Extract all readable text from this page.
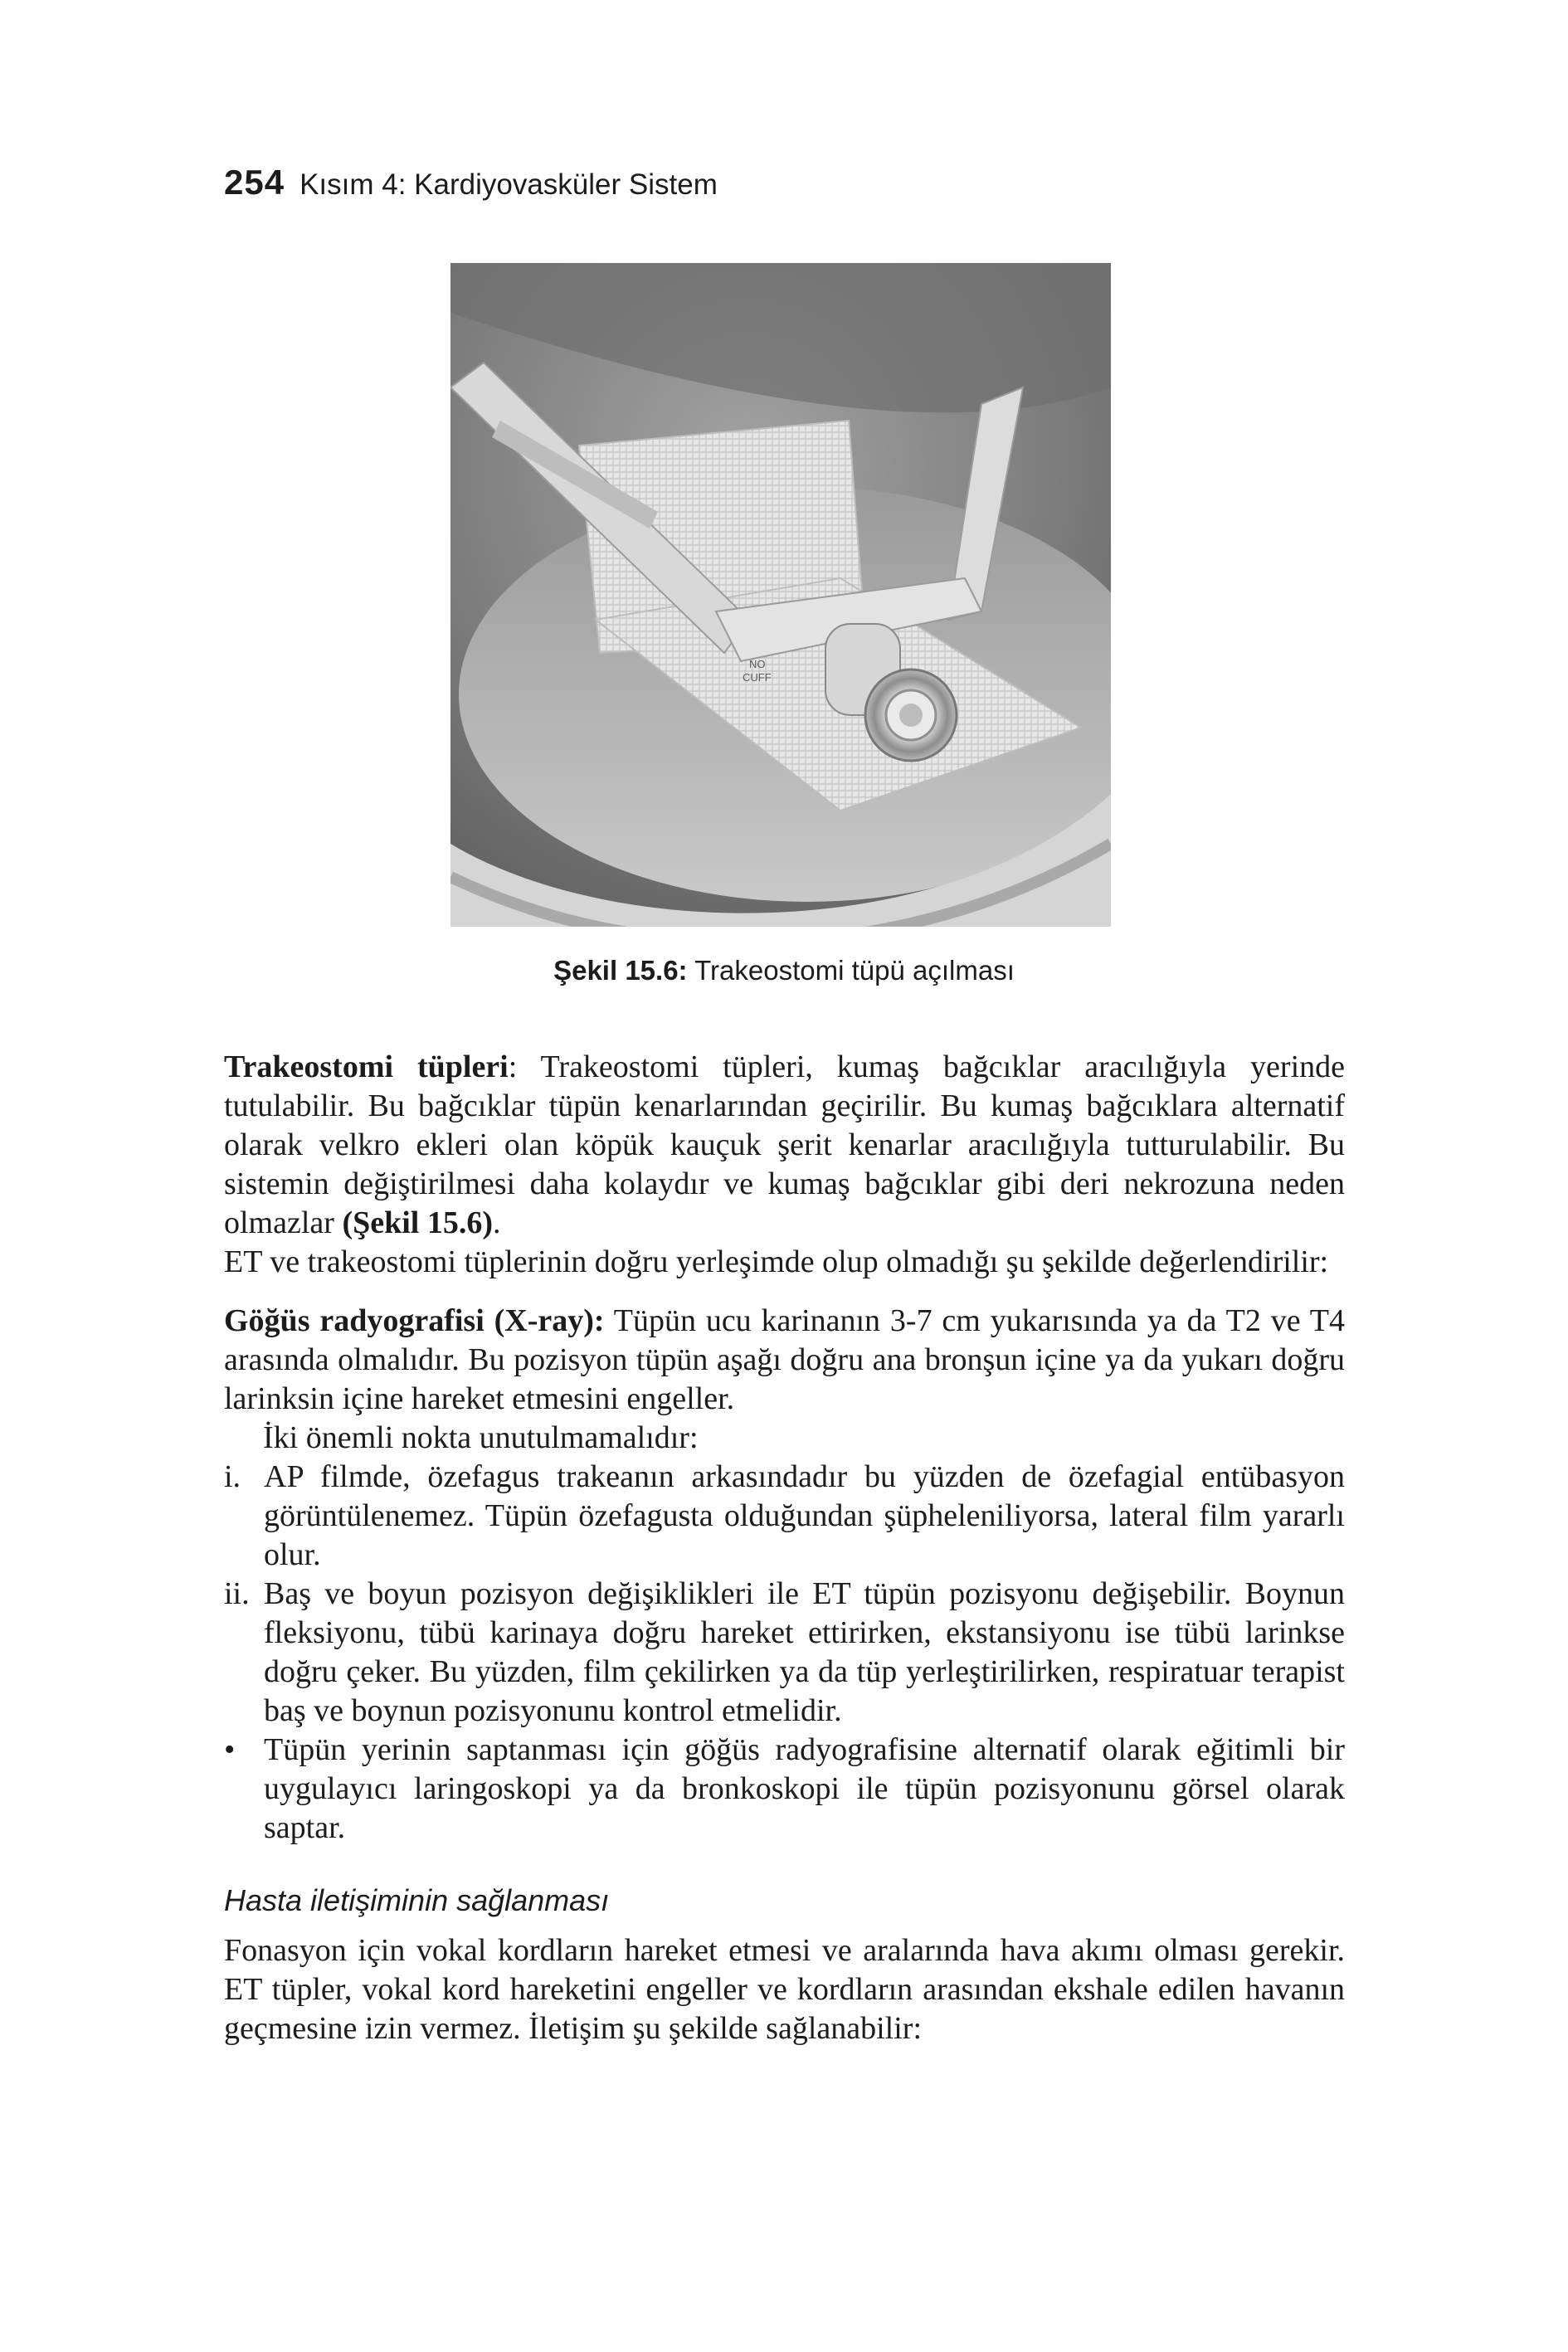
254 Kısım 4: Kardiyovasküler Sistem
NO
CUFF
Şekil 15.6: Trakeostomi tüpü açılması

Trakeostomi tüpleri: Trakeostomi tüpleri, kumaş bağcıklar aracılığıyla yerinde tutulabilir. Bu bağcıklar tüpün kenarlarından geçirilir. Bu kumaş bağcıklara alternatif olarak velkro ekleri olan köpük kauçuk şerit kenarlar aracılığıyla tutturulabilir. Bu sistemin değiştirilmesi daha kolaydır ve kumaş bağcıklar gibi deri nekrozuna neden olmazlar (Şekil 15.6).

ET ve trakeostomi tüplerinin doğru yerleşimde olup olmadığı şu şekilde değerlendirilir:

Göğüs radyografisi (X-ray): Tüpün ucu karinanın 3-7 cm yukarısında ya da T2 ve T4 arasında olmalıdır. Bu pozisyon tüpün aşağı doğru ana bronşun içine ya da yukarı doğru larinksin içine hareket etmesini engeller.

İki önemli nokta unutulmamalıdır:

i. AP filmde, özefagus trakeanın arkasındadır bu yüzden de özefagial entübasyon görüntülenemez. Tüpün özefagusta olduğundan şüpheleniliyorsa, lateral film yararlı olur.
ii. Baş ve boyun pozisyon değişiklikleri ile ET tüpün pozisyonu değişebilir. Boynun fleksiyonu, tübü karinaya doğru hareket ettirirken, ekstansiyonu ise tübü larinkse doğru çeker. Bu yüzden, film çekilirken ya da tüp yerleştirilirken, respiratuar terapist baş ve boynun pozisyonunu kontrol etmelidir.
• Tüpün yerinin saptanması için göğüs radyografisine alternatif olarak eğitimli bir uygulayıcı laringoskopi ya da bronkoskopi ile tüpün pozisyonunu görsel olarak saptar.

Hasta iletişiminin sağlanması

Fonasyon için vokal kordların hareket etmesi ve aralarında hava akımı olması gerekir. ET tüpler, vokal kord hareketini engeller ve kordların arasından ekshale edilen havanın geçmesine izin vermez. İletişim şu şekilde sağlanabilir:
